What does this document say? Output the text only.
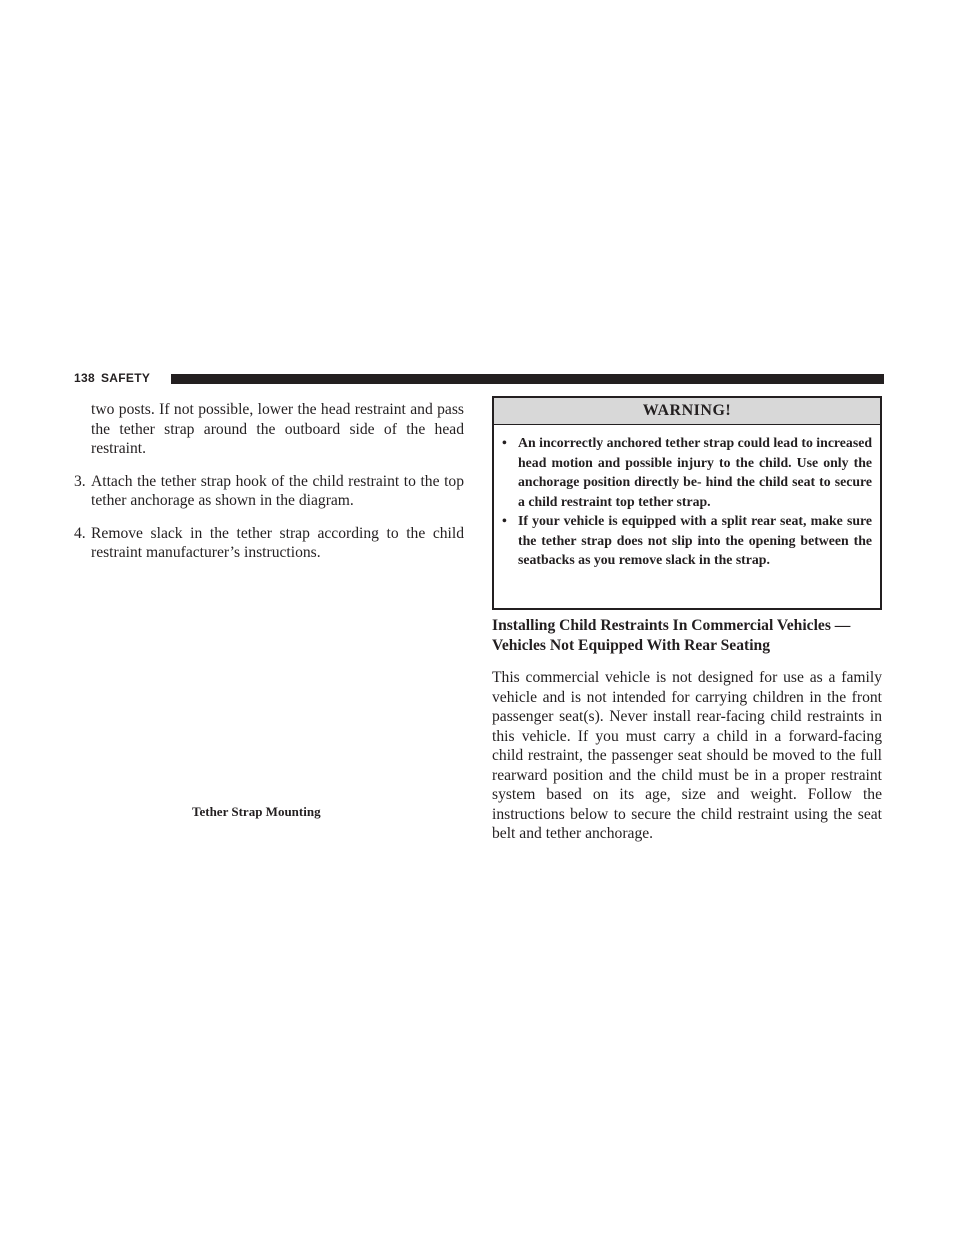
138 SAFETY

two posts. If not possible, lower the head restraint and pass the tether strap around the outboard side of the head restraint.

3. Attach the tether strap hook of the child restraint to the top tether anchorage as shown in the diagram.
4. Remove slack in the tether strap according to the child restraint manufacturer’s instructions.
Tether Strap Mounting
WARNING!
• An incorrectly anchored tether strap could lead to increased head motion and possible injury to the child. Use only the anchorage position directly be- hind the child seat to secure a child restraint top tether strap.
• If your vehicle is equipped with a split rear seat, make sure the tether strap does not slip into the opening between the seatbacks as you remove slack in the strap.
Installing Child Restraints In Commercial Vehicles — Vehicles Not Equipped With Rear Seating

This commercial vehicle is not designed for use as a family vehicle and is not intended for carrying children in the front passenger seat(s). Never install rear-facing child restraints in this vehicle. If you must carry a child in a forward-facing child restraint, the passenger seat should be moved to the full rearward position and the child must be in a proper restraint system based on its age, size and weight. Follow the instructions below to secure the child restraint using the seat belt and tether anchorage.
